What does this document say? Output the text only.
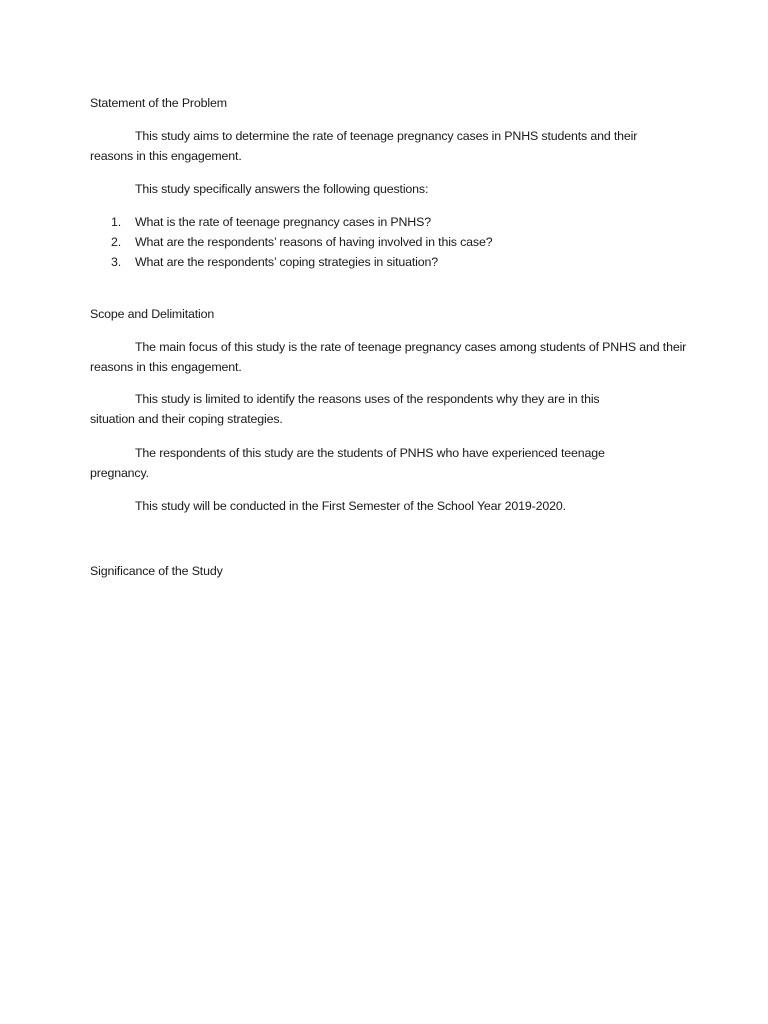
Statement of the Problem

This study aims to determine the rate of teenage pregnancy cases in PNHS students and their reasons in this engagement.

This study specifically answers the following questions:

1.	What is the rate of teenage pregnancy cases in PNHS?
2.	What are the respondents’ reasons of having involved in this case?
3.	What are the respondents’ coping strategies in situation?
Scope and Delimitation

The main focus of this study is the rate of teenage pregnancy cases among students of PNHS and their reasons in this engagement.

This study is limited to identify the reasons uses of the respondents why they are in this situation and their coping strategies.

The respondents of this study are the students of PNHS who have experienced teenage pregnancy.

This study will be conducted in the First Semester of the School Year 2019-2020.

Significance of the Study
